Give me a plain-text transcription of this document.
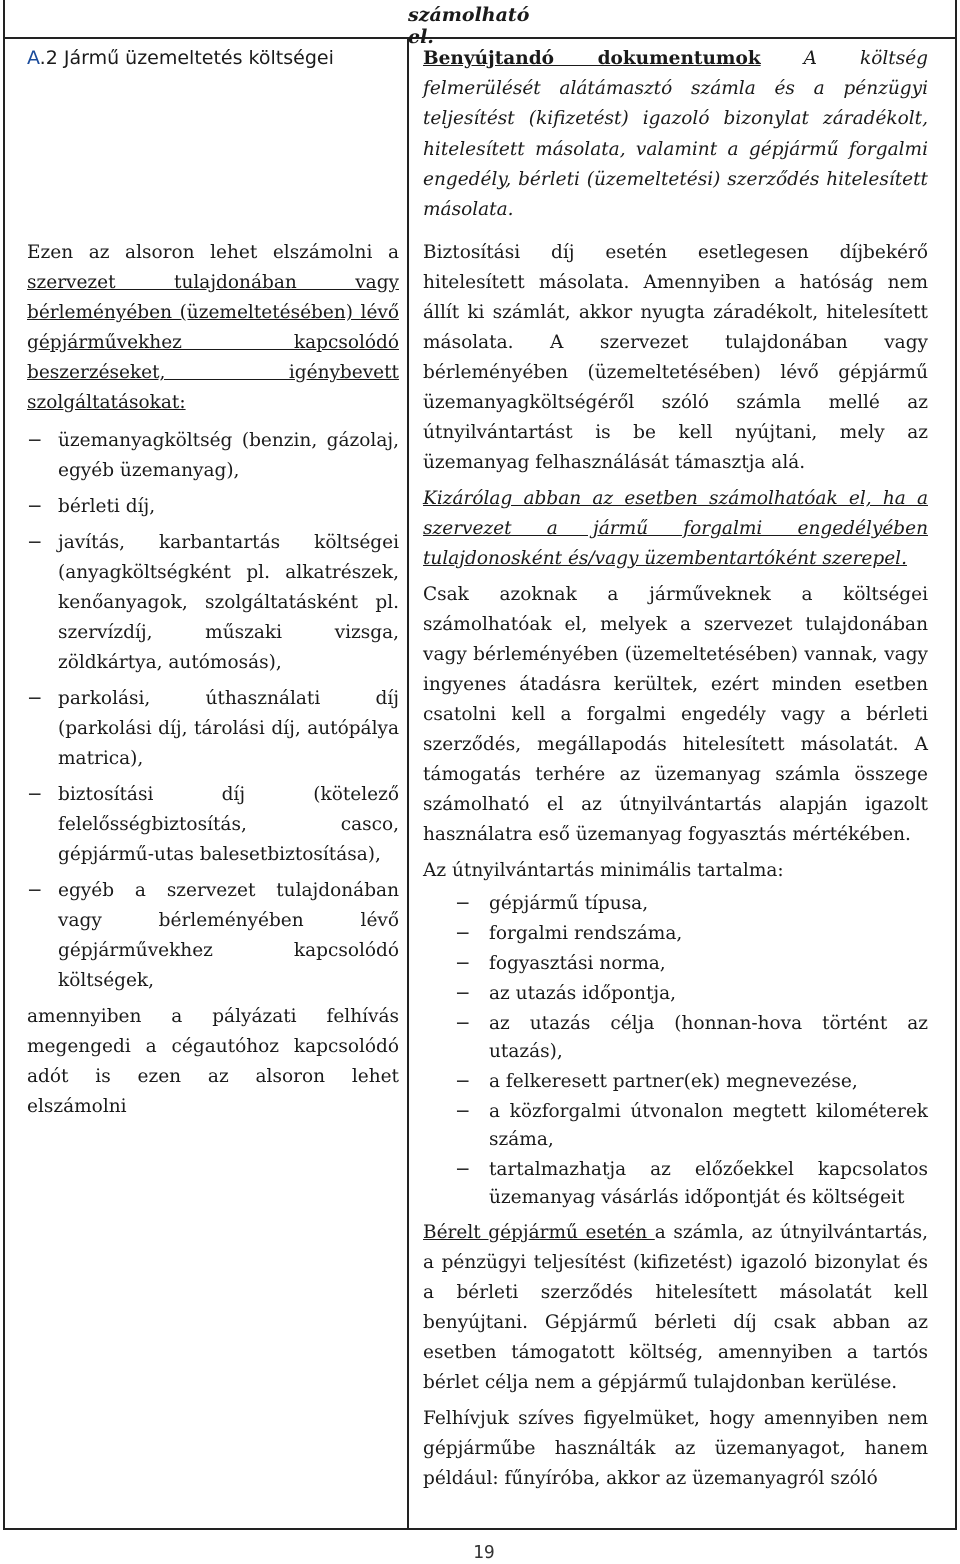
számolható el.
A.2 Jármű üzemeltetés költségei	Benyújtandó dokumentumok A költség felmerülését alátámasztó számla és a pénzügyi teljesítést (kifizetést) igazoló bizonylat záradékolt, hitelesített másolata, valamint a gépjármű forgalmi engedély, bérleti (üzemeltetési) szerződés hitelesített másolata.

Ezen az alsoron lehet elszámolni a szervezet tulajdonában vagy bérleményében (üzemeltetésében) lévő gépjárművekhez kapcsolódó beszerzéseket, igénybevett szolgáltatásokat:

− üzemanyagköltség (benzin, gázolaj, egyéb üzemanyag),
− bérleti díj,
− javítás, karbantartás költségei (anyagköltségként pl. alkatrészek, kenőanyagok, szolgáltatásként pl. szervízdíj, műszaki vizsga, zöldkártya, autómosás),
− parkolási, úthasználati díj (parkolási díj, tárolási díj, autópálya matrica),
− biztosítási díj (kötelező felelősségbiztosítás, casco, gépjármű-utas balesetbiztosítása),
− egyéb a szervezet tulajdonában vagy bérleményében lévő gépjárművekhez kapcsolódó költségek,

amennyiben a pályázati felhívás megengedi a cégautóhoz kapcsolódó adót is ezen az alsoron lehet elszámolni

Biztosítási díj esetén esetlegesen díjbekérő hitelesített másolata. Amennyiben a hatóság nem állít ki számlát, akkor nyugta záradékolt, hitelesített másolata. A szervezet tulajdonában vagy bérleményében (üzemeltetésében) lévő gépjármű üzemanyagköltségéről szóló számla mellé az útnyilvántartást is be kell nyújtani, mely az üzemanyag felhasználását támasztja alá.

Kizárólag abban az esetben számolhatóak el, ha a szervezet a jármű forgalmi engedélyében tulajdonosként és/vagy üzembentartóként szerepel.

Csak azoknak a járműveknek a költségei számolhatóak el, melyek a szervezet tulajdonában vagy bérleményében (üzemeltetésében) vannak, vagy ingyenes átadásra kerültek, ezért minden esetben csatolni kell a forgalmi engedély vagy a bérleti szerződés, megállapodás hitelesített másolatát. A támogatás terhére az üzemanyag számla összege számolható el az útnyilvántartás alapján igazolt használatra eső üzemanyag fogyasztás mértékében.

Az útnyilvántartás minimális tartalma:

− gépjármű típusa,
− forgalmi rendszáma,
− fogyasztási norma,
− az utazás időpontja,
− az utazás célja (honnan-hova történt az utazás),
− a felkeresett partner(ek) megnevezése,
− a közforgalmi útvonalon megtett kilométerek száma,
− tartalmazhatja az előzőekkel kapcsolatos üzemanyag vásárlás időpontját és költségeit

Bérelt gépjármű esetén a számla, az útnyilvántartás, a pénzügyi teljesítést (kifizetést) igazoló bizonylat és a bérleti szerződés hitelesített másolatát kell benyújtani. Gépjármű bérleti díj csak abban az esetben támogatott költség, amennyiben a tartós bérlet célja nem a gépjármű tulajdonban kerülése.

Felhívjuk szíves figyelmüket, hogy amennyiben nem gépjárműbe használták az üzemanyagot, hanem például: fűnyíróba, akkor az üzemanyagról szóló

19
